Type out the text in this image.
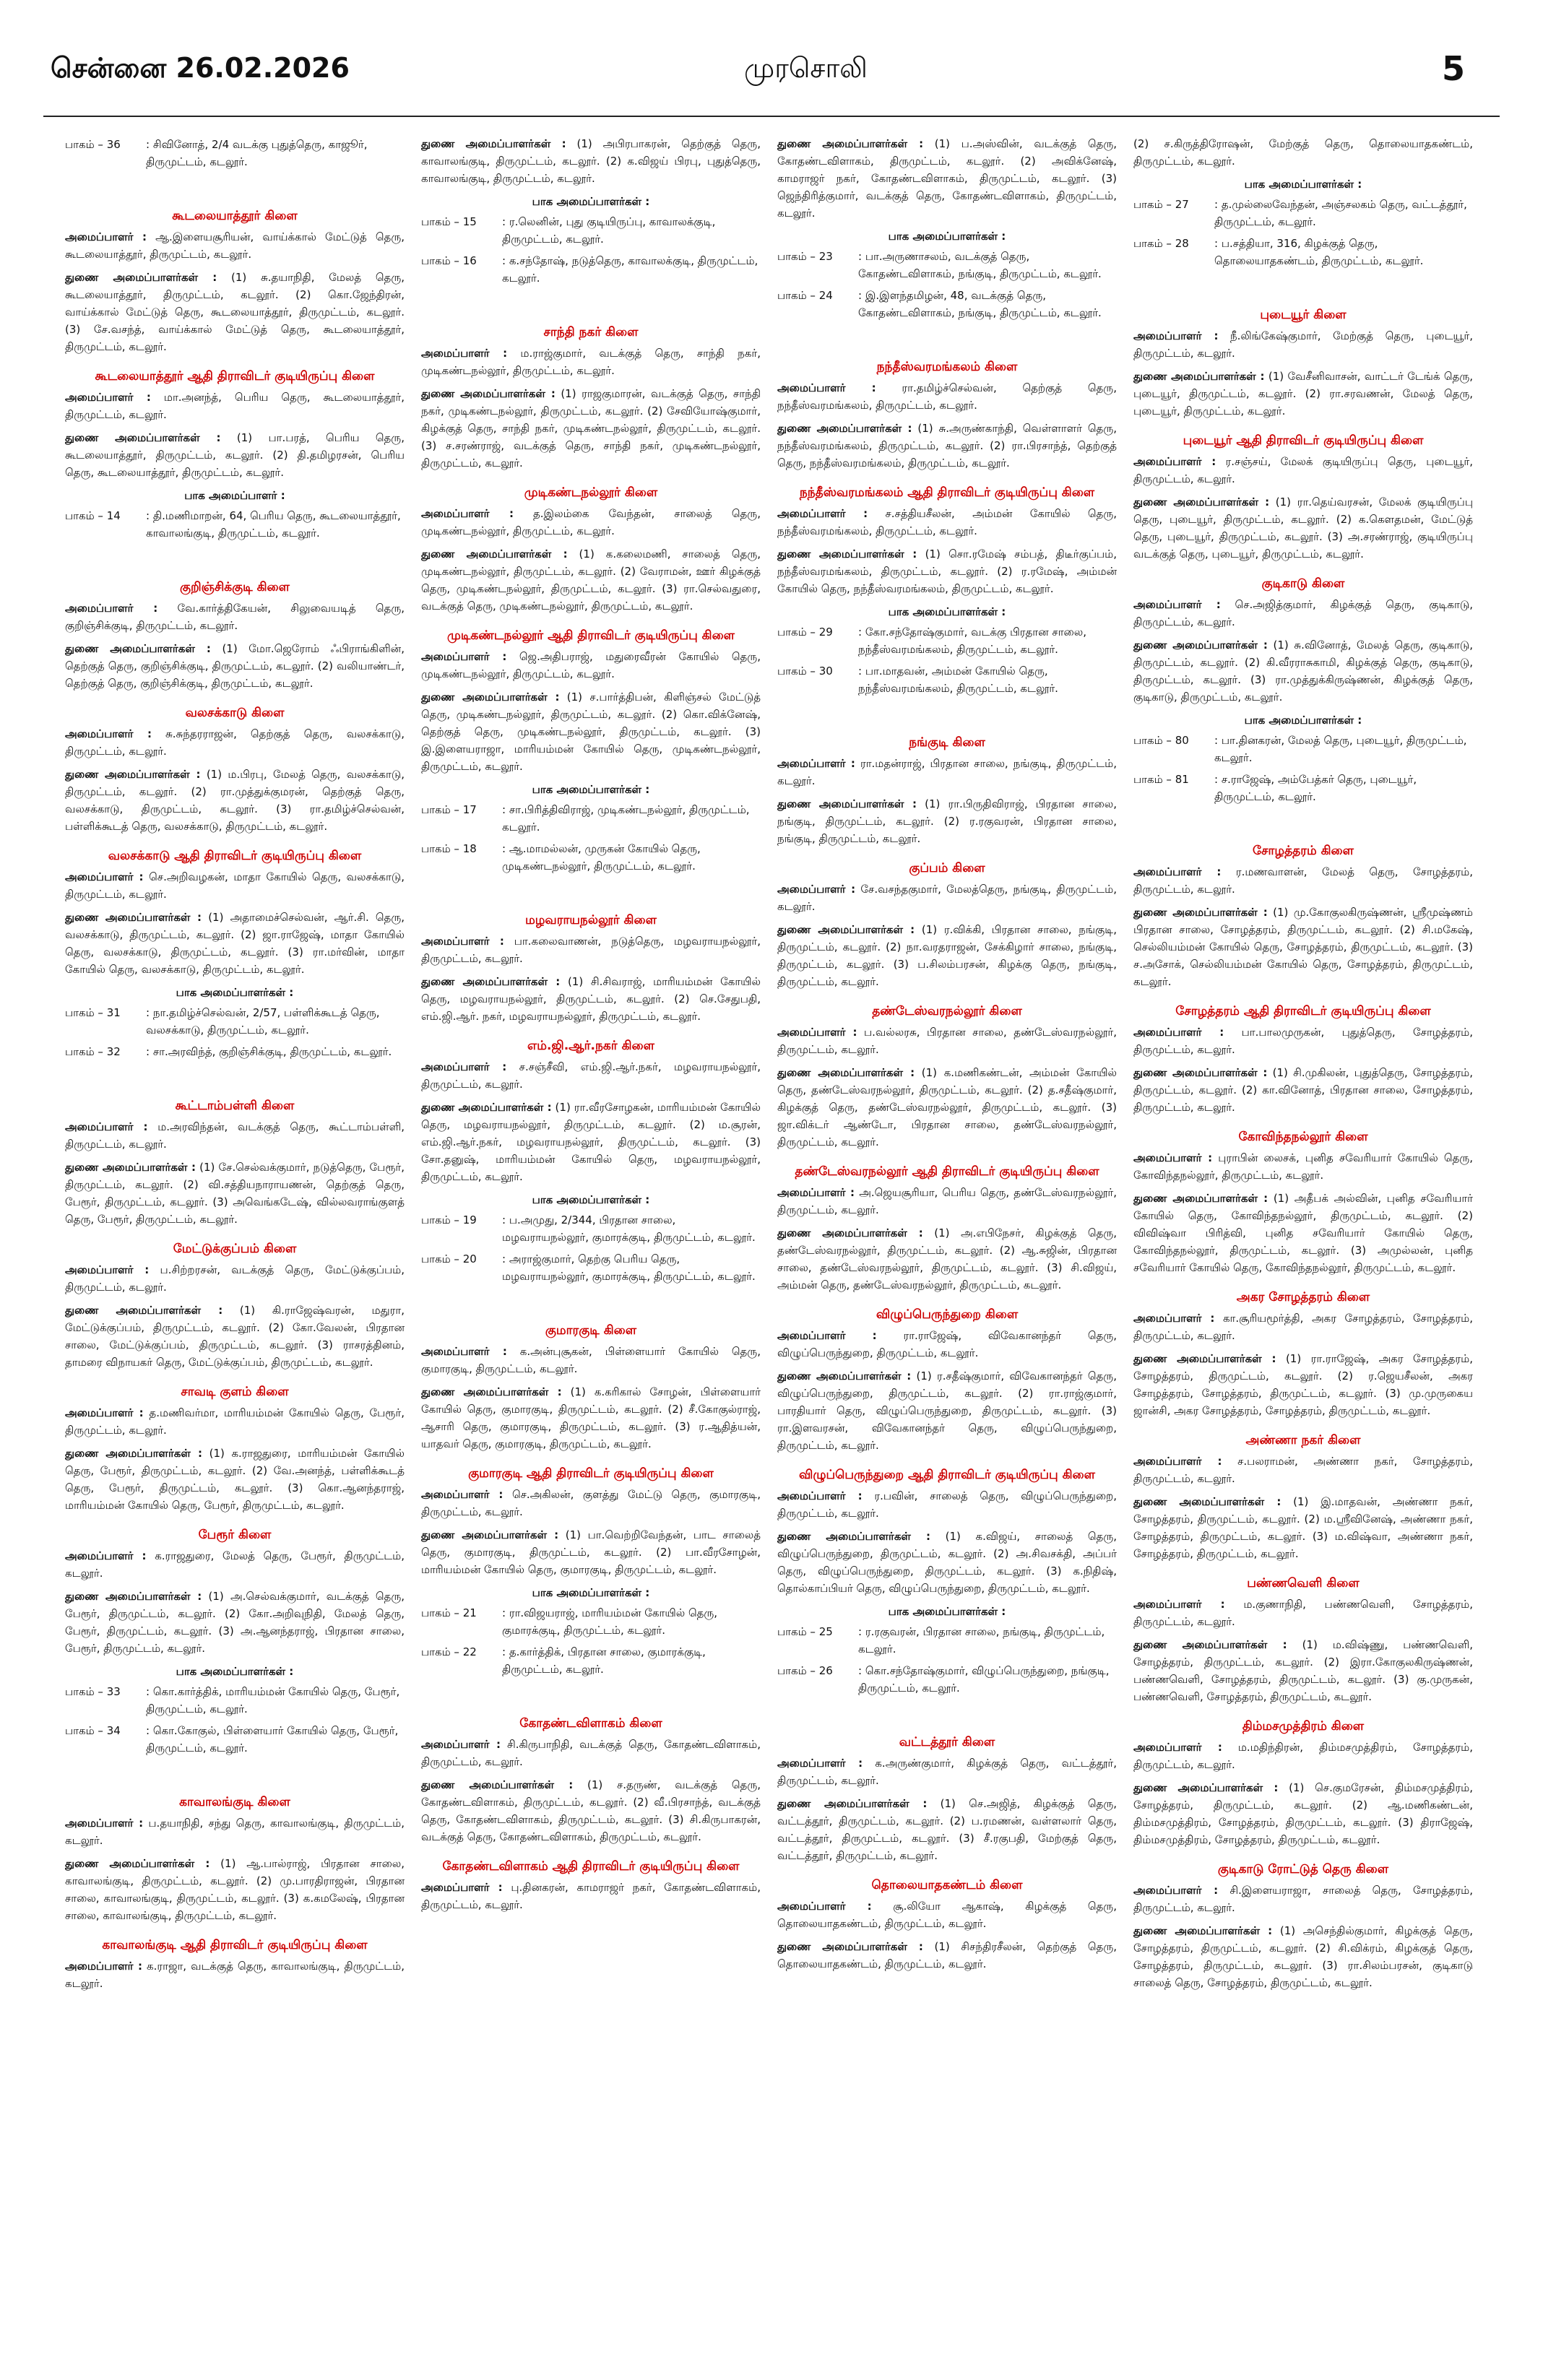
சென்னை 26.02.2026	முரசொலி	5
பாகம் – 36	: சிவினோத், 2/4 வடக்கு புதுத்தெரு, காஜூர், திருமுட்டம், கடலூர்.
கூடலையாத்தூர் கிளை
அமைப்பாளர் : ஆ.இளையசூரியன், வாய்க்கால் மேட்டுத் தெரு, கூடலையாத்தூர், திருமுட்டம், கடலூர்.
துணை அமைப்பாளர்கள் : (1) சு.தயாநிதி, மேலத் தெரு, கூடலையாத்தூர், திருமுட்டம், கடலூர். (2) கொ.ஜேந்திரன், வாய்க்கால் மேட்டுத் தெரு, கூடலையாத்தூர், திருமுட்டம், கடலூர். (3) சே.வசந்த், வாய்க்கால் மேட்டுத் தெரு, கூடலையாத்தூர், திருமுட்டம், கடலூர்.
கூடலையாத்தூர் ஆதி திராவிடர் குடியிருப்பு கிளை
அமைப்பாளர் : மா.அனந்த், பெரிய தெரு, கூடலையாத்தூர், திருமுட்டம், கடலூர்.
துணை அமைப்பாளர்கள் : (1) பா.பரத், பெரிய தெரு, கூடலையாத்தூர், திருமுட்டம், கடலூர். (2) தி.தமிழரசன், பெரிய தெரு, கூடலையாத்தூர், திருமுட்டம், கடலூர்.
பாக அமைப்பாளர் :
பாகம் – 14	: தி.மணிமாறன், 64, பெரிய தெரு, கூடலையாத்தூர், காவாலங்குடி, திருமுட்டம், கடலூர்.
குறிஞ்சிக்குடி கிளை
அமைப்பாளர் : வே.கார்த்திகேயன், சிலுவையடித் தெரு, குறிஞ்சிக்குடி, திருமுட்டம், கடலூர்.
துணை அமைப்பாளர்கள் : (1) மோ.ஜெரோம் ஃபிராங்கிளின், தெற்குத் தெரு, குறிஞ்சிக்குடி, திருமுட்டம், கடலூர். (2) வலியாண்டர், தெற்குத் தெரு, குறிஞ்சிக்குடி, திருமுட்டம், கடலூர்.
வலசக்காடு கிளை
அமைப்பாளர் : சு.சுந்தரராஜன், தெற்குத் தெரு, வலசக்காடு, திருமுட்டம், கடலூர்.
துணை அமைப்பாளர்கள் : (1) ம.பிரபு, மேலத் தெரு, வலசக்காடு, திருமுட்டம், கடலூர். (2) ரா.முத்துக்குமரன், தெற்குத் தெரு, வலசக்காடு, திருமுட்டம், கடலூர். (3) ரா.தமிழ்ச்செல்வன், பள்ளிக்கூடத் தெரு, வலசக்காடு, திருமுட்டம், கடலூர்.
வலசக்காடு ஆதி திராவிடர் குடியிருப்பு கிளை
அமைப்பாளர் : செ.அறிவழகன், மாதா கோயில் தெரு, வலசக்காடு, திருமுட்டம், கடலூர்.
துணை அமைப்பாளர்கள் : (1) அதாமைச்செல்வன், ஆர்.சி. தெரு, வலசக்காடு, திருமுட்டம், கடலூர். (2) ஜா.ராஜேஷ், மாதா கோயில் தெரு, வலசக்காடு, திருமுட்டம், கடலூர். (3) ரா.மர்வின், மாதா கோயில் தெரு, வலசக்காடு, திருமுட்டம், கடலூர்.
பாக அமைப்பாளர்கள் :
பாகம் – 31	: நா.தமிழ்ச்செல்வன், 2/57, பள்ளிக்கூடத் தெரு, வலசக்காடு, திருமுட்டம், கடலூர்.
பாகம் – 32	: சா.அரவிந்த், குறிஞ்சிக்குடி, திருமுட்டம், கடலூர்.
கூட்டாம்பள்ளி கிளை
அமைப்பாளர் : ம.அரவிந்தன், வடக்குத் தெரு, கூட்டாம்பள்ளி, திருமுட்டம், கடலூர்.
துணை அமைப்பாளர்கள் : (1) சே.செல்வக்குமார், நடுத்தெரு, பேரூர், திருமுட்டம், கடலூர். (2) வி.சத்தியநாராயணன், தெற்குத் தெரு, பேரூர், திருமுட்டம், கடலூர். (3) அவெங்கடேஷ், வில்லவராங்குளத் தெரு, பேரூர், திருமுட்டம், கடலூர்.
மேட்டுக்குப்பம் கிளை
அமைப்பாளர் : ப.சிற்றரசன், வடக்குத் தெரு, மேட்டுக்குப்பம், திருமுட்டம், கடலூர்.
துணை அமைப்பாளர்கள் : (1) கி.ராஜேஷ்வரன், மதுரா, மேட்டுக்குப்பம், திருமுட்டம், கடலூர். (2) கோ.வேலன், பிரதான சாலை, மேட்டுக்குப்பம், திருமுட்டம், கடலூர். (3) ராசரத்தினம், தாமரை விநாயகர் தெரு, மேட்டுக்குப்பம், திருமுட்டம், கடலூர்.
சாவடி குளம் கிளை
அமைப்பாளர் : த.மணிவர்மா, மாரியம்மன் கோயில் தெரு, பேரூர், திருமுட்டம், கடலூர்.
துணை அமைப்பாளர்கள் : (1) க.ராஜதுரை, மாரியம்மன் கோயில் தெரு, பேரூர், திருமுட்டம், கடலூர். (2) வே.அனந்த், பள்ளிக்கூடத் தெரு, பேரூர், திருமுட்டம், கடலூர். (3) கொ.ஆனந்தராஜ், மாரியம்மன் கோயில் தெரு, பேரூர், திருமுட்டம், கடலூர்.
பேரூர் கிளை
அமைப்பாளர் : க.ராஜதுரை, மேலத் தெரு, பேரூர், திருமுட்டம், கடலூர்.
துணை அமைப்பாளர்கள் : (1) அ.செல்வக்குமார், வடக்குத் தெரு, பேரூர், திருமுட்டம், கடலூர். (2) கோ.அறிவுநிதி, மேலத் தெரு, பேரூர், திருமுட்டம், கடலூர். (3) அ.ஆனந்தராஜ், பிரதான சாலை, பேரூர், திருமுட்டம், கடலூர்.
பாக அமைப்பாளர்கள் :
பாகம் – 33	: கொ.கார்த்திக், மாரியம்மன் கோயில் தெரு, பேரூர், திருமுட்டம், கடலூர்.
பாகம் – 34	: கொ.கோகுல், பிள்ளையார் கோயில் தெரு, பேரூர், திருமுட்டம், கடலூர்.
காவாலங்குடி கிளை
அமைப்பாளர் : ப.தயாநிதி, சந்து தெரு, காவாலங்குடி, திருமுட்டம், கடலூர்.
துணை அமைப்பாளர்கள் : (1) ஆ.பால்ராஜ், பிரதான சாலை, காவாலங்குடி, திருமுட்டம், கடலூர். (2) மு.பாரதிராஜன், பிரதான சாலை, காவாலங்குடி, திருமுட்டம், கடலூர். (3) க.கமலேஷ், பிரதான சாலை, காவாலங்குடி, திருமுட்டம், கடலூர்.
காவாலங்குடி ஆதி திராவிடர் குடியிருப்பு கிளை
அமைப்பாளர் : க.ராஜா, வடக்குத் தெரு, காவாலங்குடி, திருமுட்டம், கடலூர்.
துணை அமைப்பாளர்கள் : (1) அபிரபாகரன், தெற்குத் தெரு, காவாலங்குடி, திருமுட்டம், கடலூர். (2) க.விஜய் பிரபு, புதுத்தெரு, காவாலங்குடி, திருமுட்டம், கடலூர்.
பாக அமைப்பாளர்கள் :
பாகம் – 15	: ர.லெனின், புது குடியிருப்பு, காவாலக்குடி, திருமுட்டம், கடலூர்.
பாகம் – 16	: க.சந்தோஷ், நடுத்தெரு, காவாலக்குடி, திருமுட்டம், கடலூர்.
சாந்தி நகர் கிளை
அமைப்பாளர் : ம.ராஜ்குமார், வடக்குத் தெரு, சாந்தி நகர், முடிகண்டநல்லூர், திருமுட்டம், கடலூர்.
துணை அமைப்பாளர்கள் : (1) ராஜகுமாரன், வடக்குத் தெரு, சாந்தி நகர், முடிகண்டநல்லூர், திருமுட்டம், கடலூர். (2) சேவியோஷ்குமார், கிழக்குத் தெரு, சாந்தி நகர், முடிகண்டநல்லூர், திருமுட்டம், கடலூர். (3) ச.சரண்ராஜ், வடக்குத் தெரு, சாந்தி நகர், முடிகண்டநல்லூர், திருமுட்டம், கடலூர்.
முடிகண்டநல்லூர் கிளை
அமைப்பாளர் : த.இலம்கை வேந்தன், சாலைத் தெரு, முடிகண்டநல்லூர், திருமுட்டம், கடலூர்.
துணை அமைப்பாளர்கள் : (1) க.கலைமணி, சாலைத் தெரு, முடிகண்டநல்லூர், திருமுட்டம், கடலூர். (2) வேராமன், ஊர் கிழக்குத் தெரு, முடிகண்டநல்லூர், திருமுட்டம், கடலூர். (3) ரா.செல்வதுரை, வடக்குத் தெரு, முடிகண்டநல்லூர், திருமுட்டம், கடலூர்.
முடிகண்டநல்லூர் ஆதி திராவிடர் குடியிருப்பு கிளை
அமைப்பாளர் : ஜெ.அதிபராஜ், மதுரைவீரன் கோயில் தெரு, முடிகண்டநல்லூர், திருமுட்டம், கடலூர்.
துணை அமைப்பாளர்கள் : (1) ச.பார்த்திபன், கிளிஞ்சல் மேட்டுத் தெரு, முடிகண்டநல்லூர், திருமுட்டம், கடலூர். (2) கொ.விக்னேஷ், தெற்குத் தெரு, முடிகண்டநல்லூர், திருமுட்டம், கடலூர். (3) இ.இளையராஜா, மாரியம்மன் கோயில் தெரு, முடிகண்டநல்லூர், திருமுட்டம், கடலூர்.
பாக அமைப்பாளர்கள் :
பாகம் – 17	: சா.பிரித்திவிராஜ், முடிகண்டநல்லூர், திருமுட்டம், கடலூர்.
பாகம் – 18	: ஆ.மாமல்லன், முருகன் கோயில் தெரு, முடிகண்டநல்லூர், திருமுட்டம், கடலூர்.
மழவராயநல்லூர் கிளை
அமைப்பாளர் : பா.கலைவாணன், நடுத்தெரு, மழவராயநல்லூர், திருமுட்டம், கடலூர்.
துணை அமைப்பாளர்கள் : (1) சி.சிவராஜ், மாரியம்மன் கோயில் தெரு, மழவராயநல்லூர், திருமுட்டம், கடலூர். (2) செ.சேதுபதி, எம்.ஜி.ஆர். நகர், மழவராயநல்லூர், திருமுட்டம், கடலூர்.
எம்.ஜி.ஆர்.நகர் கிளை
அமைப்பாளர் : ச.சஞ்சீவி, எம்.ஜி.ஆர்.நகர், மழவராயநல்லூர், திருமுட்டம், கடலூர்.
துணை அமைப்பாளர்கள் : (1) ரா.வீரசோழகன், மாரியம்மன் கோயில் தெரு, மழவராயநல்லூர், திருமுட்டம், கடலூர். (2) ம.சூரன், எம்.ஜி.ஆர்.நகர், மழவராயநல்லூர், திருமுட்டம், கடலூர். (3) சோ.தனுஷ், மாரியம்மன் கோயில் தெரு, மழவராயநல்லூர், திருமுட்டம், கடலூர்.
பாக அமைப்பாளர்கள் :
பாகம் – 19	: ப.அமுது, 2/344, பிரதான சாலை, மழவராயநல்லூர், குமாரக்குடி, திருமுட்டம், கடலூர்.
பாகம் – 20	: அராஜ்குமார், தெற்கு பெரிய தெரு, மழவராயநல்லூர், குமாரக்குடி, திருமுட்டம், கடலூர்.
குமாரகுடி கிளை
அமைப்பாளர் : க.அன்புசூகன், பிள்ளையார் கோயில் தெரு, குமாரகுடி, திருமுட்டம், கடலூர்.
துணை அமைப்பாளர்கள் : (1) க.கரிகால் சோழன், பிள்ளையார் கோயில் தெரு, குமாரகுடி, திருமுட்டம், கடலூர். (2) சீ.கோகுல்ராஜ், ஆசாரி தெரு, குமாரகுடி, திருமுட்டம், கடலூர். (3) ர.ஆதித்யன், யாதவர் தெரு, குமாரகுடி, திருமுட்டம், கடலூர்.
குமாரகுடி ஆதி திராவிடர் குடியிருப்பு கிளை
அமைப்பாளர் : செ.அகிலன், குளத்து மேட்டு தெரு, குமாரகுடி, திருமுட்டம், கடலூர்.
துணை அமைப்பாளர்கள் : (1) பா.வெற்றிவேந்தன், பாட சாலைத் தெரு, குமாரகுடி, திருமுட்டம், கடலூர். (2) பா.வீரசோழன், மாரியம்மன் கோயில் தெரு, குமாரகுடி, திருமுட்டம், கடலூர்.
பாக அமைப்பாளர்கள் :
பாகம் – 21	: ரா.விஜயராஜ், மாரியம்மன் கோயில் தெரு, குமாரக்குடி, திருமுட்டம், கடலூர்.
பாகம் – 22	: த.கார்த்திக், பிரதான சாலை, குமாரக்குடி, திருமுட்டம், கடலூர்.
கோதண்டவிளாகம் கிளை
அமைப்பாளர் : சி.கிருபாநிதி, வடக்குத் தெரு, கோதண்டவிளாகம், திருமுட்டம், கடலூர்.
துணை அமைப்பாளர்கள் : (1) ச.தருண், வடக்குத் தெரு, கோதண்டவிளாகம், திருமுட்டம், கடலூர். (2) வீ.பிரசாந்த், வடக்குத் தெரு, கோதண்டவிளாகம், திருமுட்டம், கடலூர். (3) சி.கிருபாகரன், வடக்குத் தெரு, கோதண்டவிளாகம், திருமுட்டம், கடலூர்.
கோதண்டவிளாகம் ஆதி திராவிடர் குடியிருப்பு கிளை
அமைப்பாளர் : பு.தினகரன், காமராஜர் நகர், கோதண்டவிளாகம், திருமுட்டம், கடலூர்.
துணை அமைப்பாளர்கள் : (1) ப.அஸ்வின், வடக்குத் தெரு, கோதண்டவிளாகம், திருமுட்டம், கடலூர். (2) அவிக்னேஷ், காமராஜர் நகர், கோதண்டவிளாகம், திருமுட்டம், கடலூர். (3) ஜெந்திரித்குமார், வடக்குத் தெரு, கோதண்டவிளாகம், திருமுட்டம், கடலூர்.
பாக அமைப்பாளர்கள் :
பாகம் – 23	: பா.அருணாசலம், வடக்குத் தெரு, கோதண்டவிளாகம், நங்குடி, திருமுட்டம், கடலூர்.
பாகம் – 24	: இ.இளந்தமிழன், 48, வடக்குத் தெரு, கோதண்டவிளாகம், நங்குடி, திருமுட்டம், கடலூர்.
நந்தீஸ்வரமங்கலம் கிளை
அமைப்பாளர் : ரா.தமிழ்ச்செல்வன், தெற்குத் தெரு, நந்தீஸ்வரமங்கலம், திருமுட்டம், கடலூர்.
துணை அமைப்பாளர்கள் : (1) சு.அருண்காந்தி, வெள்ளாளர் தெரு, நந்தீஸ்வரமங்கலம், திருமுட்டம், கடலூர். (2) ரா.பிரசாந்த், தெற்குத் தெரு, நந்தீஸ்வரமங்கலம், திருமுட்டம், கடலூர்.
நந்தீஸ்வரமங்கலம் ஆதி திராவிடர் குடியிருப்பு கிளை
அமைப்பாளர் : ச.சத்தியசீலன், அம்மன் கோயில் தெரு, நந்தீஸ்வரமங்கலம், திருமுட்டம், கடலூர்.
துணை அமைப்பாளர்கள் : (1) சொ.ரமேஷ் சம்பத், திடீர்குப்பம், நந்தீஸ்வரமங்கலம், திருமுட்டம், கடலூர். (2) ர.ரமேஷ், அம்மன் கோயில் தெரு, நந்தீஸ்வரமங்கலம், திருமுட்டம், கடலூர்.
பாக அமைப்பாளர்கள் :
பாகம் – 29	: கோ.சந்தோஷ்குமார், வடக்கு பிரதான சாலை, நந்தீஸ்வரமங்கலம், திருமுட்டம், கடலூர்.
பாகம் – 30	: பா.மாதவன், அம்மன் கோயில் தெரு, நந்தீஸ்வரமங்கலம், திருமுட்டம், கடலூர்.
நங்குடி கிளை
அமைப்பாளர் : ரா.மதன்ராஜ், பிரதான சாலை, நங்குடி, திருமுட்டம், கடலூர்.
துணை அமைப்பாளர்கள் : (1) ரா.பிருதிவிராஜ், பிரதான சாலை, நங்குடி, திருமுட்டம், கடலூர். (2) ர.ரகுவரன், பிரதான சாலை, நங்குடி, திருமுட்டம், கடலூர்.
குப்பம் கிளை
அமைப்பாளர் : சே.வசந்தகுமார், மேலத்தெரு, நங்குடி, திருமுட்டம், கடலூர்.
துணை அமைப்பாளர்கள் : (1) ர.விக்கி, பிரதான சாலை, நங்குடி, திருமுட்டம், கடலூர். (2) நா.வரதராஜன், சேக்கிழார் சாலை, நங்குடி, திருமுட்டம், கடலூர். (3) ப.சிலம்பரசன், கிழக்கு தெரு, நங்குடி, திருமுட்டம், கடலூர்.
தண்டேஸ்வரநல்லூர் கிளை
அமைப்பாளர் : ப.வல்லரசு, பிரதான சாலை, தண்டேஸ்வரநல்லூர், திருமுட்டம், கடலூர்.
துணை அமைப்பாளர்கள் : (1) க.மணிகண்டன், அம்மன் கோயில் தெரு, தண்டேஸ்வரநல்லூர், திருமுட்டம், கடலூர். (2) த.சதீஷ்குமார், கிழக்குத் தெரு, தண்டேஸ்வரநல்லூர், திருமுட்டம், கடலூர். (3) ஜா.விக்டர் ஆண்டோ, பிரதான சாலை, தண்டேஸ்வரநல்லூர், திருமுட்டம், கடலூர்.
தண்டேஸ்வரநல்லூர் ஆதி திராவிடர் குடியிருப்பு கிளை
அமைப்பாளர் : அ.ஜெயசூரியா, பெரிய தெரு, தண்டேஸ்வரநல்லூர், திருமுட்டம், கடலூர்.
துணை அமைப்பாளர்கள் : (1) அ.எபிநேசர், கிழக்குத் தெரு, தண்டேஸ்வரநல்லூர், திருமுட்டம், கடலூர். (2) ஆ.சுஜின், பிரதான சாலை, தண்டேஸ்வரநல்லூர், திருமுட்டம், கடலூர். (3) சி.விஜய், அம்மன் தெரு, தண்டேஸ்வரநல்லூர், திருமுட்டம், கடலூர்.
விழுப்பெருந்துறை கிளை
அமைப்பாளர் : ரா.ராஜேஷ், விவேகானந்தர் தெரு, விழுப்பெருந்துறை, திருமுட்டம், கடலூர்.
துணை அமைப்பாளர்கள் : (1) ர.சதீஷ்குமார், விவேகானந்தர் தெரு, விழுப்பெருந்துறை, திருமுட்டம், கடலூர். (2) ரா.ராஜ்குமார், பாரதியார் தெரு, விழுப்பெருந்துறை, திருமுட்டம், கடலூர். (3) ரா.இளவரசன், விவேகானந்தர் தெரு, விழுப்பெருந்துறை, திருமுட்டம், கடலூர்.
விழுப்பெருந்துறை ஆதி திராவிடர் குடியிருப்பு கிளை
அமைப்பாளர் : ர.பவின், சாலைத் தெரு, விழுப்பெருந்துறை, திருமுட்டம், கடலூர்.
துணை அமைப்பாளர்கள் : (1) க.விஜய், சாலைத் தெரு, விழுப்பெருந்துறை, திருமுட்டம், கடலூர். (2) அ.சிவசக்தி, அப்பர் தெரு, விழுப்பெருந்துறை, திருமுட்டம், கடலூர். (3) க.நிதிஷ், தொல்காப்பியர் தெரு, விழுப்பெருந்துறை, திருமுட்டம், கடலூர்.
பாக அமைப்பாளர்கள் :
பாகம் – 25	: ர.ரகுவரன், பிரதான சாலை, நங்குடி, திருமுட்டம், கடலூர்.
பாகம் – 26	: கொ.சந்தோஷ்குமார், விழுப்பெருந்துறை, நங்குடி, திருமுட்டம், கடலூர்.
வட்டத்தூர் கிளை
அமைப்பாளர் : க.அருண்குமார், கிழக்குத் தெரு, வட்டத்தூர், திருமுட்டம், கடலூர்.
துணை அமைப்பாளர்கள் : (1) செ.அஜித், கிழக்குத் தெரு, வட்டத்தூர், திருமுட்டம், கடலூர். (2) ப.ரமணன், வள்ளலார் தெரு, வட்டத்தூர், திருமுட்டம், கடலூர். (3) சீ.ரகுபதி, மேற்குத் தெரு, வட்டத்தூர், திருமுட்டம், கடலூர்.
தொலையாதகண்டம் கிளை
அமைப்பாளர் : சூ.லியோ ஆகாஷ், கிழக்குத் தெரு, தொலையாதகண்டம், திருமுட்டம், கடலூர்.
துணை அமைப்பாளர்கள் : (1) சிசந்திரசீலன், தெற்குத் தெரு, தொலையாதகண்டம், திருமுட்டம், கடலூர்.
(2) ச.கிருத்திரோஷன், மேற்குத் தெரு, தொலையாதகண்டம், திருமுட்டம், கடலூர்.
பாக அமைப்பாளர்கள் :
பாகம் – 27	: த.முல்லைவேந்தன், அஞ்சலகம் தெரு, வட்டத்தூர், திருமுட்டம், கடலூர்.
பாகம் – 28	: ப.சத்தியா, 316, கிழக்குத் தெரு, தொலையாதகண்டம், திருமுட்டம், கடலூர்.
புடையூர் கிளை
அமைப்பாளர் : நீ.லிங்கேஷ்குமார், மேற்குத் தெரு, புடையூர், திருமுட்டம், கடலூர்.
துணை அமைப்பாளர்கள் : (1) வேசீனிவாசன், வாட்டர் டேங்க் தெரு, புடையூர், திருமுட்டம், கடலூர். (2) ரா.சரவணன், மேலத் தெரு, புடையூர், திருமுட்டம், கடலூர்.
புடையூர் ஆதி திராவிடர் குடியிருப்பு கிளை
அமைப்பாளர் : ர.சஞ்சய், மேலக் குடியிருப்பு தெரு, புடையூர், திருமுட்டம், கடலூர்.
துணை அமைப்பாளர்கள் : (1) ரா.தெய்வரசன், மேலக் குடியிருப்பு தெரு, புடையூர், திருமுட்டம், கடலூர். (2) க.கௌதமன், மேட்டுத் தெரு, புடையூர், திருமுட்டம், கடலூர். (3) அ.சரண்ராஜ், குடியிருப்பு வடக்குத் தெரு, புடையூர், திருமுட்டம், கடலூர்.
குடிகாடு கிளை
அமைப்பாளர் : செ.அஜித்குமார், கிழக்குத் தெரு, குடிகாடு, திருமுட்டம், கடலூர்.
துணை அமைப்பாளர்கள் : (1) சு.வினோத், மேலத் தெரு, குடிகாடு, திருமுட்டம், கடலூர். (2) கி.வீரராசுகாமி, கிழக்குத் தெரு, குடிகாடு, திருமுட்டம், கடலூர். (3) ரா.முத்துக்கிருஷ்ணன், கிழக்குத் தெரு, குடிகாடு, திருமுட்டம், கடலூர்.
பாக அமைப்பாளர்கள் :
பாகம் – 80	: பா.தினகரன், மேலத் தெரு, புடையூர், திருமுட்டம், கடலூர்.
பாகம் – 81	: ச.ராஜேஷ், அம்பேத்கர் தெரு, புடையூர், திருமுட்டம், கடலூர்.
சோழத்தரம் கிளை
அமைப்பாளர் : ர.மணவாளன், மேலத் தெரு, சோழத்தரம், திருமுட்டம், கடலூர்.
துணை அமைப்பாளர்கள் : (1) மு.கோகுலகிருஷ்ணன், ஸ்ரீமுஷ்ணம் பிரதான சாலை, சோழத்தரம், திருமுட்டம், கடலூர். (2) சி.மகேஷ், செல்லியம்மன் கோயில் தெரு, சோழத்தரம், திருமுட்டம், கடலூர். (3) ச.அசோக், செல்லியம்மன் கோயில் தெரு, சோழத்தரம், திருமுட்டம், கடலூர்.
சோழத்தரம் ஆதி திராவிடர் குடியிருப்பு கிளை
அமைப்பாளர் : பா.பாலமுருகன், புதுத்தெரு, சோழத்தரம், திருமுட்டம், கடலூர்.
துணை அமைப்பாளர்கள் : (1) சி.முகிலன், புதுத்தெரு, சோழத்தரம், திருமுட்டம், கடலூர். (2) கா.வினோத், பிரதான சாலை, சோழத்தரம், திருமுட்டம், கடலூர்.
கோவிந்தநல்லூர் கிளை
அமைப்பாளர் : புராபின் லைசக், புனித சவேரியார் கோயில் தெரு, கோவிந்தநல்லூர், திருமுட்டம், கடலூர்.
துணை அமைப்பாளர்கள் : (1) அதீபக் அல்வின், புனித சவேரியார் கோயில் தெரு, கோவிந்தநல்லூர், திருமுட்டம், கடலூர். (2) விவிஷ்வா பிரித்வி, புனித சவேரியார் கோயில் தெரு, கோவிந்தநல்லூர், திருமுட்டம், கடலூர். (3) அமுல்லன், புனித சவேரியார் கோயில் தெரு, கோவிந்தநல்லூர், திருமுட்டம், கடலூர்.
அகர சோழத்தரம் கிளை
அமைப்பாளர் : கா.சூரியமூர்த்தி, அகர சோழத்தரம், சோழத்தரம், திருமுட்டம், கடலூர்.
துணை அமைப்பாளர்கள் : (1) ரா.ராஜேஷ், அகர சோழத்தரம், சோழத்தரம், திருமுட்டம், கடலூர். (2) ர.ஜெயசீலன், அகர சோழத்தரம், சோழத்தரம், திருமுட்டம், கடலூர். (3) மு.முருகைய ஜான்சி, அகர சோழத்தரம், சோழத்தரம், திருமுட்டம், கடலூர்.
அண்ணா நகர் கிளை
அமைப்பாளர் : ச.பலராமன், அண்ணா நகர், சோழத்தரம், திருமுட்டம், கடலூர்.
துணை அமைப்பாளர்கள் : (1) இ.மாதவன், அண்ணா நகர், சோழத்தரம், திருமுட்டம், கடலூர். (2) ம.ஸ்ரீவினேஷ், அண்ணா நகர், சோழத்தரம், திருமுட்டம், கடலூர். (3) ம.விஷ்வா, அண்ணா நகர், சோழத்தரம், திருமுட்டம், கடலூர்.
பண்ணவெளி கிளை
அமைப்பாளர் : ம.குணாநிதி, பண்ணவெளி, சோழத்தரம், திருமுட்டம், கடலூர்.
துணை அமைப்பாளர்கள் : (1) ம.விஷ்ணு, பண்ணவெளி, சோழத்தரம், திருமுட்டம், கடலூர். (2) இரா.கோகுலகிருஷ்ணன், பண்ணவெளி, சோழத்தரம், திருமுட்டம், கடலூர். (3) கு.முருகன், பண்ணவெளி, சோழத்தரம், திருமுட்டம், கடலூர்.
திம்மசமுத்திரம் கிளை
அமைப்பாளர் : ம.மதிந்திரன், திம்மசமுத்திரம், சோழத்தரம், திருமுட்டம், கடலூர்.
துணை அமைப்பாளர்கள் : (1) செ.குமரேசன், திம்மசமுத்திரம், சோழத்தரம், திருமுட்டம், கடலூர். (2) ஆ.மணிகண்டன், திம்மசமுத்திரம், சோழத்தரம், திருமுட்டம், கடலூர். (3) திராஜேஷ், திம்மசமுத்திரம், சோழத்தரம், திருமுட்டம், கடலூர்.
குடிகாடு ரோட்டுத் தெரு கிளை
அமைப்பாளர் : சி.இளையராஜா, சாலைத் தெரு, சோழத்தரம், திருமுட்டம், கடலூர்.
துணை அமைப்பாளர்கள் : (1) அசெந்தில்குமார், கிழக்குத் தெரு, சோழத்தரம், திருமுட்டம், கடலூர். (2) சி.விக்ரம், கிழக்குத் தெரு, சோழத்தரம், திருமுட்டம், கடலூர். (3) ரா.சிலம்பரசன், குடிகாடு சாலைத் தெரு, சோழத்தரம், திருமுட்டம், கடலூர்.
